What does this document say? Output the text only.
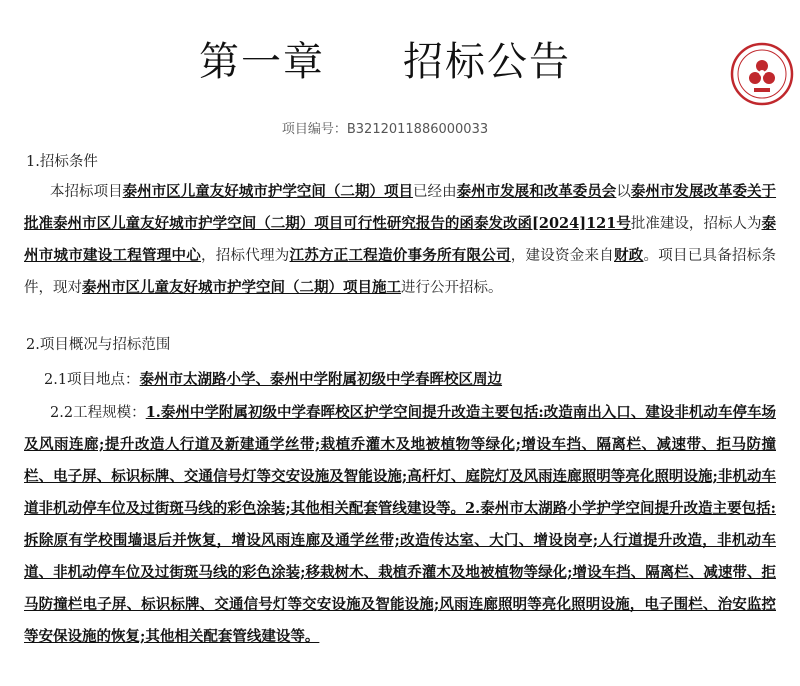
第一章 招标公告
项目编号：B3212011886000033
1.招标条件
本招标项目泰州市区儿童友好城市护学空间（二期）项目已经由泰州市发展和改革委员会以泰州市发展改革委关于批准泰州市区儿童友好城市护学空间（二期）项目可行性研究报告的函泰发改函[2024]121号批准建设，招标人为泰州市城市建设工程管理中心，招标代理为江苏方正工程造价事务所有限公司，建设资金来自财政。项目已具备招标条件，现对泰州市区儿童友好城市护学空间（二期）项目施工进行公开招标。
2.项目概况与招标范围
2.1项目地点：泰州市太湖路小学、泰州中学附属初级中学春晖校区周边
2.2工程规模：1.泰州中学附属初级中学春晖校区护学空间提升改造主要包括:改造南出入口、建设非机动车停车场及风雨连廊;提升改造人行道及新建通学丝带;栽植乔灌木及地被植物等绿化;增设车挡、隔离栏、减速带、拒马防撞栏、电子屏、标识标牌、交通信号灯等交安设施及智能设施;高杆灯、庭院灯及风雨连廊照明等亮化照明设施;非机动车道非机动停车位及过街斑马线的彩色涂装;其他相关配套管线建设等。2.泰州市太湖路小学护学空间提升改造主要包括:拆除原有学校围墙退后并恢复，增设风雨连廊及通学丝带;改造传达室、大门、增设岗亭;人行道提升改造，非机动车道、非机动停车位及过街斑马线的彩色涂装;移栽树木、栽植乔灌木及地被植物等绿化;增设车挡、隔离栏、减速带、拒马防撞栏电子屏、标识标牌、交通信号灯等交安设施及智能设施;风雨连廊照明等亮化照明设施，电子围栏、治安监控等安保设施的恢复;其他相关配套管线建设等。
